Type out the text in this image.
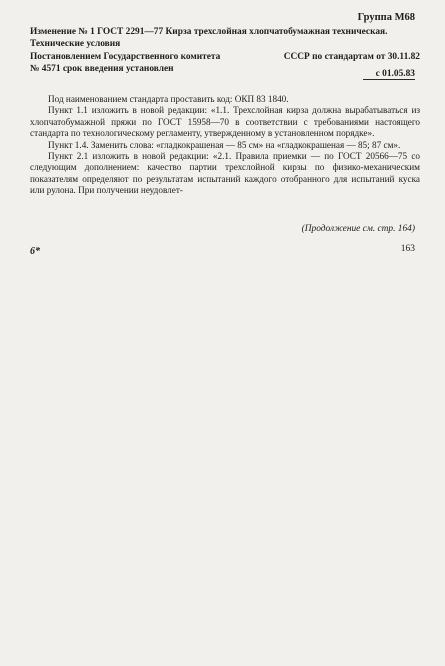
Группа М68
Изменение № 1 ГОСТ 2291—77 Кирза трехслойная хлопчатобумажная техническая. Технические условия
Постановлением Государственного комитета	СССР по стандартам от 30.11.82
№ 4571 срок введения установлен
с 01.05.83

Под наименованием стандарта проставить код: ОКП 83 1840.

Пункт 1.1 изложить в новой редакции: «1.1. Трехслойная кирза должна вырабатываться из хлопчатобумажной пряжи по ГОСТ 15958—70 в соответствии с требованиями настоящего стандарта по технологическому регламенту, утвержденному в установленном порядке».

Пункт 1.4. Заменить слова: «гладкокрашеная — 85 см» на «гладкокрашеная — 85; 87 см».

Пункт 2.1 изложить в новой редакции: «2.1. Правила приемки — по ГОСТ 20566—75 со следующим дополнением: качество партии трехслойной кирзы по физико-механическим показателям определяют по результатам испытаний каждого отобранного для испытаний куска или рулона. При получении неудовлет-

(Продолжение см. стр. 164)
6*	163
